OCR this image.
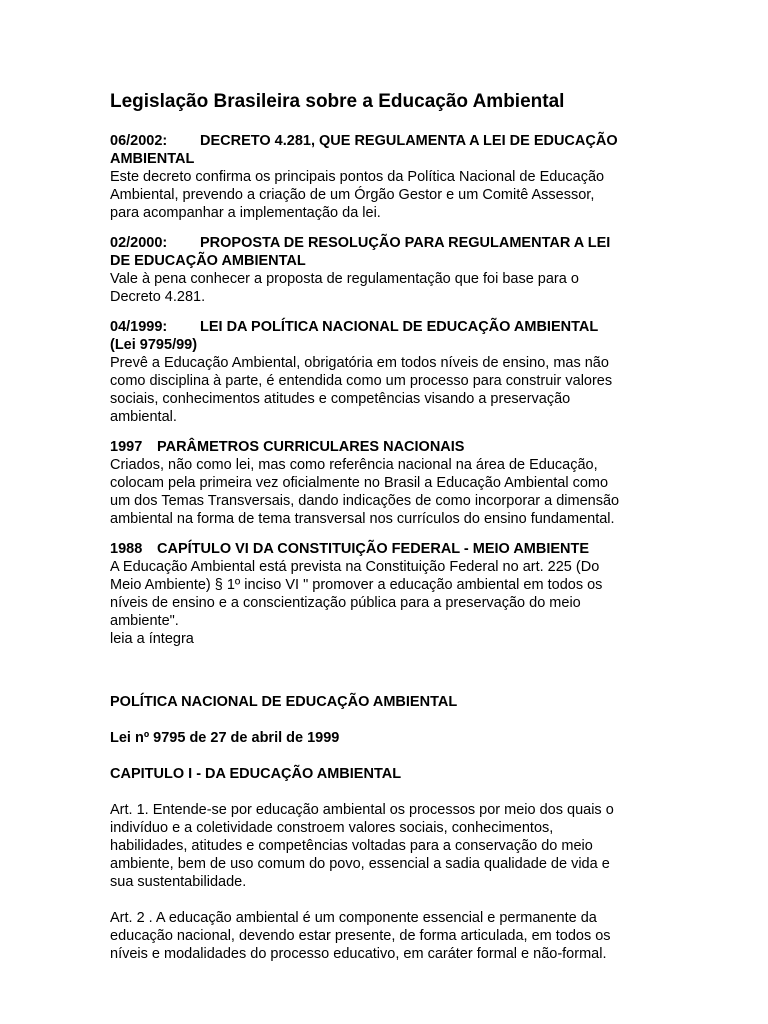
Legislação Brasileira sobre a Educação Ambiental

06/2002: DECRETO 4.281, QUE REGULAMENTA A LEI DE EDUCAÇÃO
AMBIENTAL

Este decreto confirma os principais pontos da Política Nacional de Educação
Ambiental, prevendo a criação de um Órgão Gestor e um Comitê Assessor,
para acompanhar a implementação da lei.

02/2000: PROPOSTA DE RESOLUÇÃO PARA REGULAMENTAR A LEI
DE EDUCAÇÃO AMBIENTAL

Vale à pena conhecer a proposta de regulamentação que foi base para o
Decreto 4.281.

04/1999: LEI DA POLÍTICA NACIONAL DE EDUCAÇÃO AMBIENTAL
(Lei 9795/99)

Prevê a Educação Ambiental, obrigatória em todos níveis de ensino, mas não
como disciplina à parte, é entendida como um processo para construir valores
sociais, conhecimentos atitudes e competências visando a preservação
ambiental.

1997 PARÂMETROS CURRICULARES NACIONAIS

Criados, não como lei, mas como referência nacional na área de Educação,
colocam pela primeira vez oficialmente no Brasil a Educação Ambiental como
um dos Temas Transversais, dando indicações de como incorporar a dimensão
ambiental na forma de tema transversal nos currículos do ensino fundamental.

1988 CAPÍTULO VI DA CONSTITUIÇÃO FEDERAL - MEIO AMBIENTE

A Educação Ambiental está prevista na Constituição Federal no art. 225 (Do
Meio Ambiente) § 1º inciso VI " promover a educação ambiental em todos os
níveis de ensino e a conscientização pública para a preservação do meio
ambiente".

leia a íntegra

POLÍTICA NACIONAL DE EDUCAÇÃO AMBIENTAL

Lei nº 9795 de 27 de abril de 1999

CAPITULO I - DA EDUCAÇÃO AMBIENTAL

Art. 1. Entende-se por educação ambiental os processos por meio dos quais o
indivíduo e a coletividade constroem valores sociais, conhecimentos,
habilidades, atitudes e competências voltadas para a conservação do meio
ambiente, bem de uso comum do povo, essencial a sadia qualidade de vida e
sua sustentabilidade.

Art. 2 . A educação ambiental é um componente essencial e permanente da
educação nacional, devendo estar presente, de forma articulada, em todos os
níveis e modalidades do processo educativo, em caráter formal e não-formal.
